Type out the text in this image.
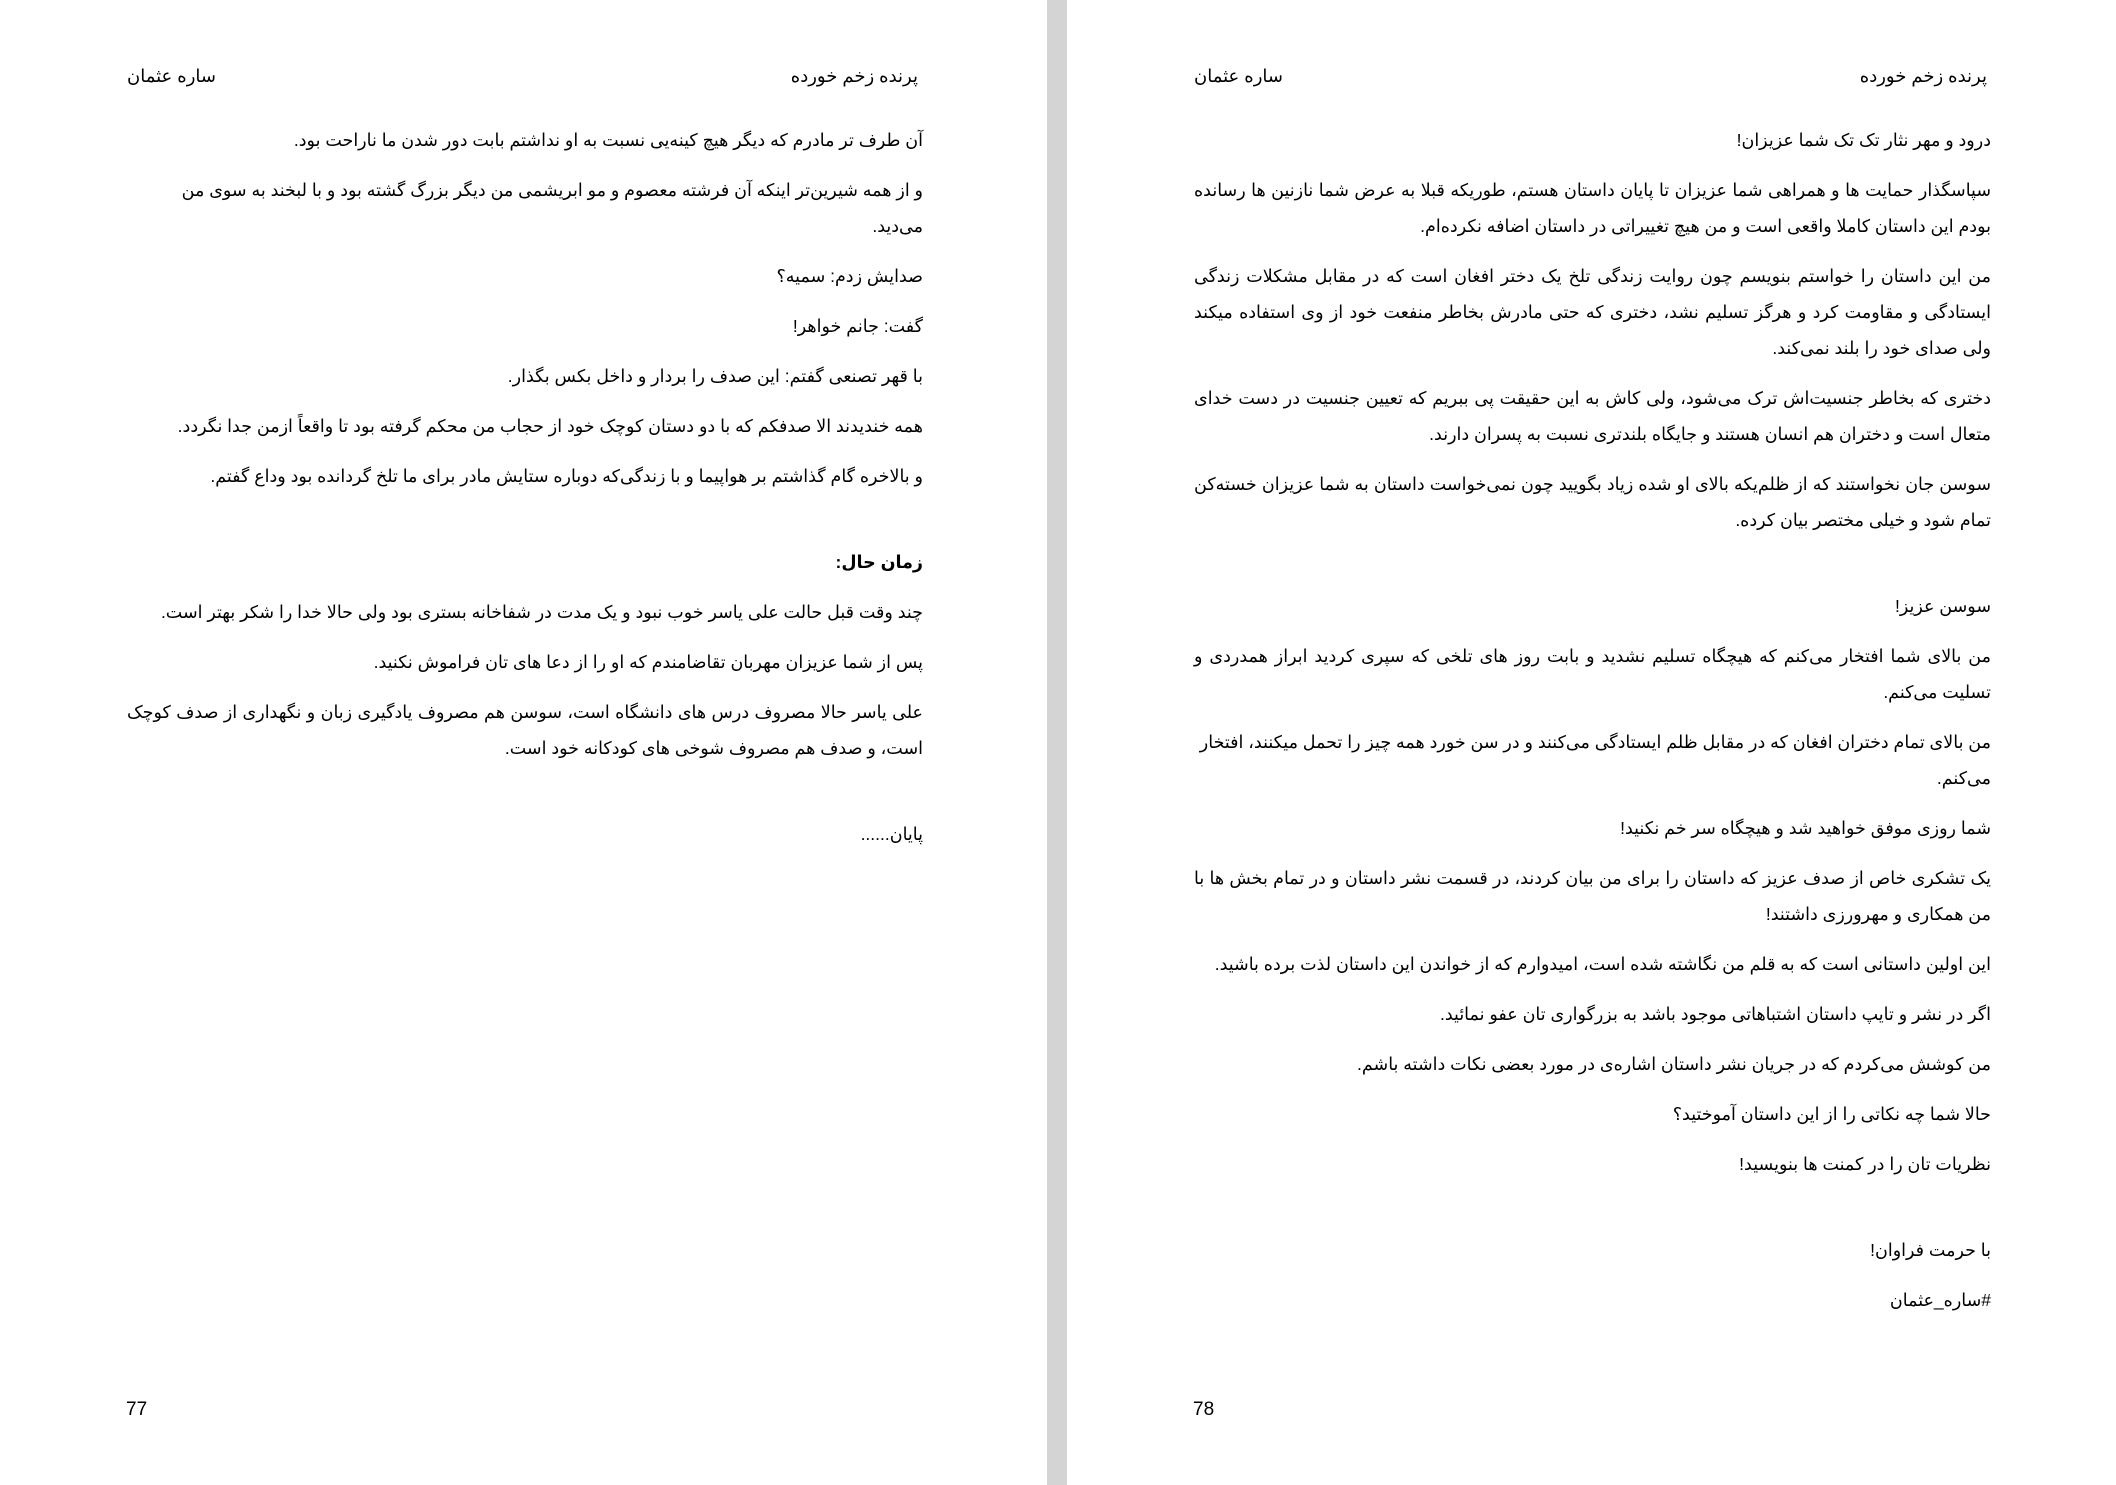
پرنده زخم خورده
ساره عثمان

آن طرف تر مادرم که دیگر هیچ کینه‌یی نسبت به او نداشتم بابت دور شدن ما ناراحت بود.

و از همه شیرین‌تر اینکه آن فرشته معصوم و مو ابریشمی من دیگر بزرگ گشته بود و با لبخند به سوی من می‌دید.

صدایش زدم: سمیه؟

گفت: جانم خواهر!

با قهر تصنعی گفتم: این صدف را بردار و داخل بکس بگذار.

همه خندیدند الا صدفکم که با دو دستان کوچک خود از حجاب من محکم گرفته بود تا واقعاً ازمن جدا نگردد.

و بالاخره گام گذاشتم بر هواپیما و با زندگی‌که دوباره ستایش مادر برای ما تلخ گردانده بود وداع گفتم.

زمان حال:

چند وقت قبل حالت علی یاسر خوب نبود و یک مدت در شفاخانه بستری بود ولی حالا خدا را شکر بهتر است.

پس از شما عزیزان مهربان تقاضامندم که او را از دعا های تان فراموش نکنید.

علی یاسر حالا مصروف درس های دانشگاه است، سوسن هم مصروف یادگیری زبان و نگهداری از صدف کوچک است، و صدف هم مصروف شوخی های کودکانه خود است.

پایان......

77
پرنده زخم خورده
ساره عثمان

درود و مهر نثار تک تک شما عزیزان!

سپاسگذار حمایت ها و همراهی شما عزیزان تا پایان داستان هستم، طوریکه قبلا به عرض شما نازنین ها رسانده بودم این داستان کاملا واقعی است و من هیچ تغییراتی در داستان اضافه نکرده‌ام.

من این داستان را خواستم بنویسم چون روایت زندگی تلخ یک دختر افغان است که در مقابل مشکلات زندگی ایستادگی و مقاومت کرد و هرگز تسلیم نشد، دختری که حتی مادرش بخاطر منفعت خود از وی استفاده میکند ولی صدای خود را بلند نمی‌کند.

دختری که بخاطر جنسیت‌اش ترک می‌شود، ولی کاش به این حقیقت پی ببریم که تعیین جنسیت در دست خدای متعال است و دختران هم انسان هستند و جایگاه بلندتری نسبت به پسران دارند.

سوسن جان نخواستند که از ظلم‌یکه بالای او شده زیاد بگویید چون نمی‌خواست داستان به شما عزیزان خسته‌کن تمام شود و خیلی مختصر بیان کرده.

سوسن عزیز!

من بالای شما افتخار می‌کنم که هیچگاه تسلیم نشدید و بابت روز های تلخی که سپری کردید ابراز همدردی و تسلیت می‌کنم.

من بالای تمام دختران افغان که در مقابل ظلم ایستادگی می‌کنند و در سن خورد همه چیز را تحمل میکنند، افتخار می‌کنم.

شما روزی موفق خواهید شد و هیچگاه سر خم نکنید!

یک تشکری خاص از صدف عزیز که داستان را برای من بیان کردند، در قسمت نشر داستان و در تمام بخش ها با من همکاری و مهرورزی داشتند!

این اولین داستانی است که به قلم من نگاشته شده است، امیدوارم که از خواندن این داستان لذت برده باشید.

اگر در نشر و تایپ داستان اشتباهاتی موجود باشد به بزرگواری تان عفو نمائید.

من کوشش می‌کردم که در جریان نشر داستان اشاره‌ی در مورد بعضی نکات داشته باشم.

حالا شما چه نکاتی را از این داستان آموختید؟

نظریات تان را در کمنت ها بنویسید!

با حرمت فراوان!

#ساره_عثمان

78
